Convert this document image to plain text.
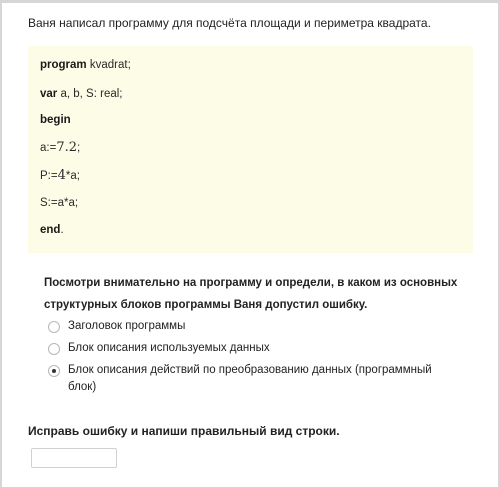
Ваня написал программу для подсчёта площади и периметра квадрата.
program kvadrat;
var a, b, S: real;
begin
a:=7.2;
P:=4*a;
S:=a*a;
end.
Посмотри внимательно на программу и определи, в каком из основных
структурных блоков программы Ваня допустил ошибку.
Заголовок программы
Блок описания используемых данных
Блок описания действий по преобразованию данных (программный блок)
Исправь ошибку и напиши правильный вид строки.
